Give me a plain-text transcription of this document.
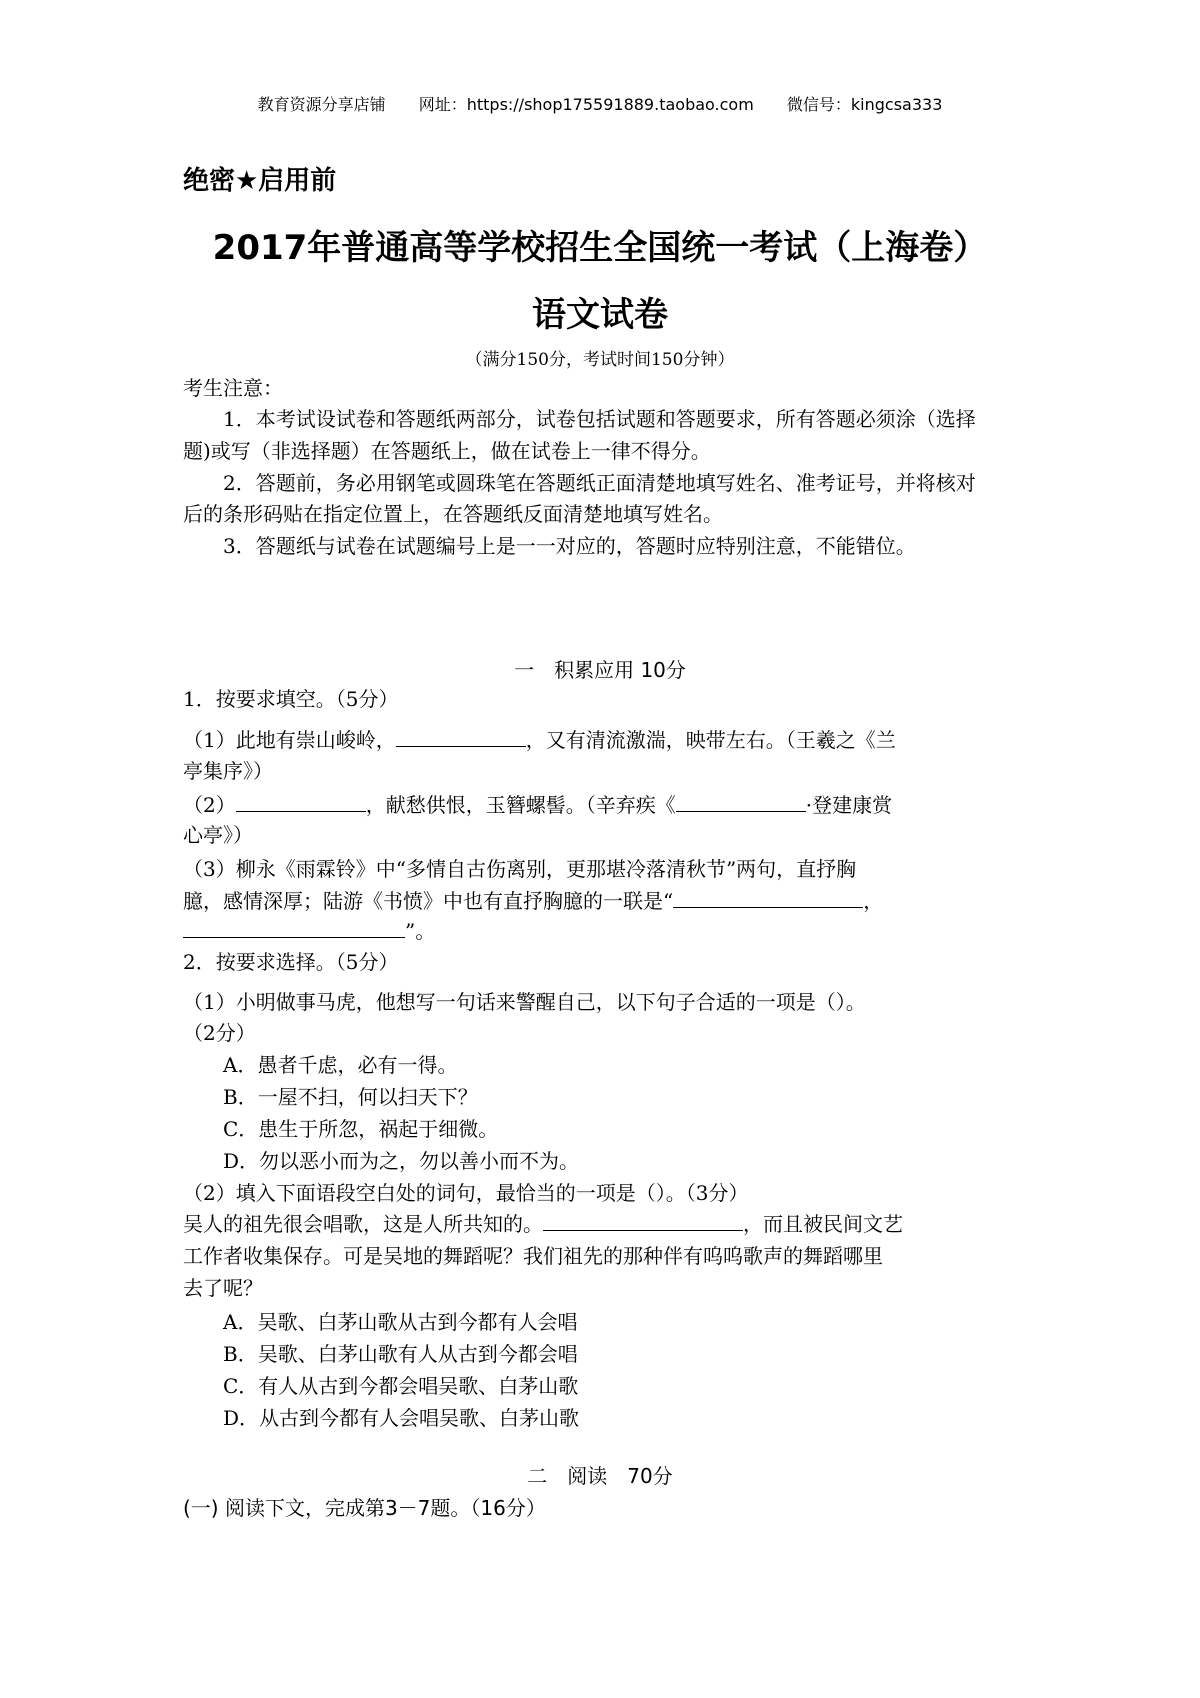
教育资源分享店铺 网址：https://shop175591889.taobao.com 微信号：kingcsa333
绝密★启用前
2017年普通高等学校招生全国统一考试（上海卷）
语文试卷
（满分150分，考试时间150分钟）
考生注意：
1．本考试设试卷和答题纸两部分，试卷包括试题和答题要求，所有答题必须涂（选择
题)或写（非选择题）在答题纸上，做在试卷上一律不得分。
2．答题前，务必用钢笔或圆珠笔在答题纸正面清楚地填写姓名、准考证号，并将核对
后的条形码贴在指定位置上，在答题纸反面清楚地填写姓名。
3．答题纸与试卷在试题编号上是一一对应的，答题时应特别注意，不能错位。
一　积累应用 10分
1．按要求填空。（5分）
（1）此地有崇山峻岭，	，又有清流激湍，映带左右。（王羲之《兰
亭集序》）
（2）	，献愁供恨，玉簪螺髻。（辛弃疾《	·登建康赏
心亭》）
（3）柳永《雨霖铃》中“多情自古伤离别，更那堪冷落清秋节”两句，直抒胸
臆，感情深厚；陆游《书愤》中也有直抒胸臆的一联是“	，
”。
2．按要求选择。（5分）
（1）小明做事马虎，他想写一句话来警醒自己，以下句子合适的一项是（）。
（2分）
A．愚者千虑，必有一得。
B．一屋不扫，何以扫天下？
C．患生于所忽，祸起于细微。
D．勿以恶小而为之，勿以善小而不为。
（2）填入下面语段空白处的词句，最恰当的一项是（）。（3分）
吴人的祖先很会唱歌，这是人所共知的。	，而且被民间文艺
工作者收集保存。可是吴地的舞蹈呢？我们祖先的那种伴有呜呜歌声的舞蹈哪里
去了呢？
A．吴歌、白茅山歌从古到今都有人会唱
B．吴歌、白茅山歌有人从古到今都会唱
C．有人从古到今都会唱吴歌、白茅山歌
D．从古到今都有人会唱吴歌、白茅山歌
二　阅读　70分
(一) 阅读下文，完成第3－7题。（16分）
